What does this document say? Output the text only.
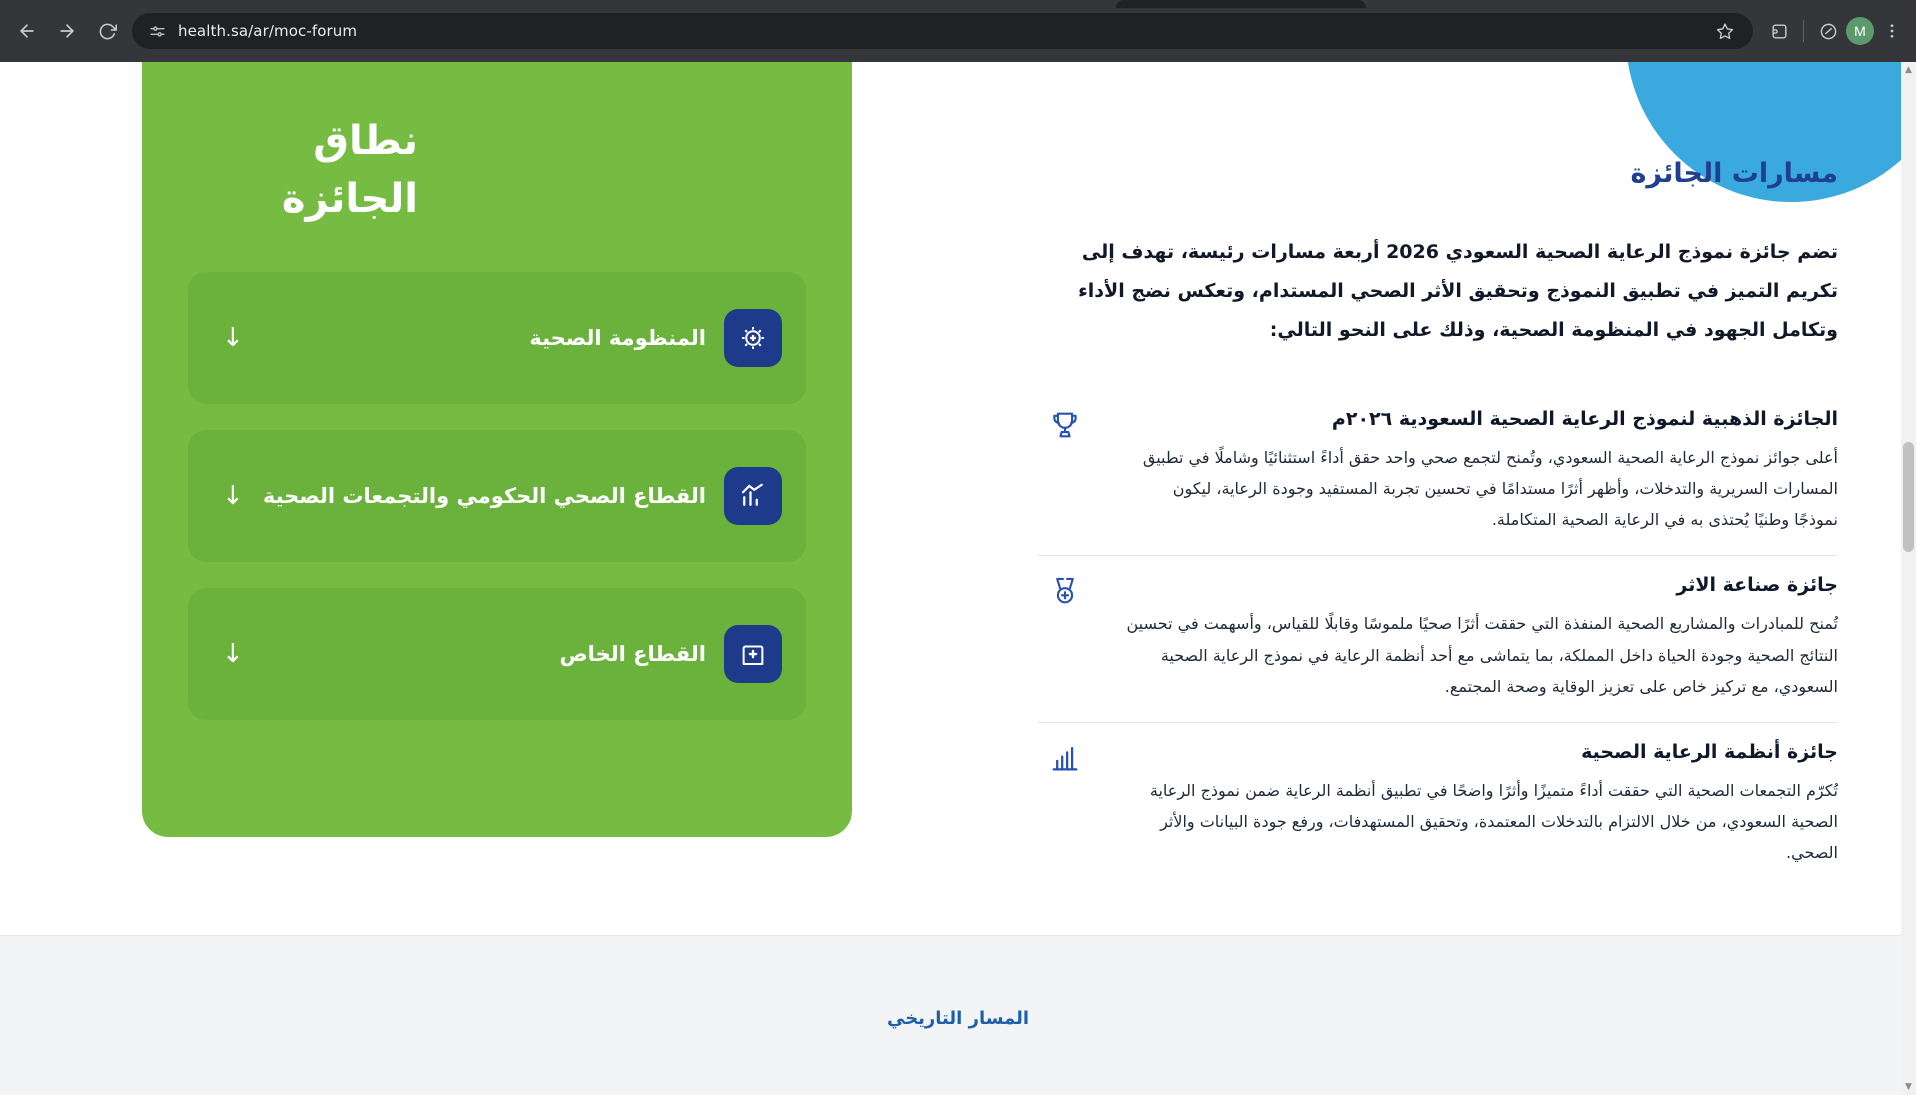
health.sa/ar/moc-forum	M
نطاق الجائزة
المنظومة الصحية
↓
القطاع الصحي الحكومي والتجمعات الصحية
↓
القطاع الخاص
↓
مسارات الجائزة

تضم جائزة نموذج الرعاية الصحية السعودي 2026 أربعة مسارات رئيسة، تهدف إلى تكريم التميز في تطبيق النموذج وتحقيق الأثر الصحي المستدام، وتعكس نضج الأداء وتكامل الجهود في المنظومة الصحية، وذلك على النحو التالي:

الجائزة الذهبية لنموذج الرعاية الصحية السعودية ٢٠٢٦م
أعلى جوائز نموذج الرعاية الصحية السعودي، وتُمنح لتجمع صحي واحد حقق أداءً استثنائيًا وشاملًا في تطبيق المسارات السريرية والتدخلات، وأظهر أثرًا مستدامًا في تحسين تجربة المستفيد وجودة الرعاية، ليكون نموذجًا وطنيًا يُحتذى به في الرعاية الصحية المتكاملة.
جائزة صناعة الاثر
تُمنح للمبادرات والمشاريع الصحية المنفذة التي حققت أثرًا صحيًا ملموسًا وقابلًا للقياس، وأسهمت في تحسين النتائج الصحية وجودة الحياة داخل المملكة، بما يتماشى مع أحد أنظمة الرعاية في نموذج الرعاية الصحية السعودي، مع تركيز خاص على تعزيز الوقاية وصحة المجتمع.
جائزة أنظمة الرعاية الصحية
تُكرّم التجمعات الصحية التي حققت أداءً متميزًا وأثرًا واضحًا في تطبيق أنظمة الرعاية ضمن نموذج الرعاية الصحية السعودي، من خلال الالتزام بالتدخلات المعتمدة، وتحقيق المستهدفات، ورفع جودة البيانات والأثر الصحي.
المسار التاريخي
▲
▼
